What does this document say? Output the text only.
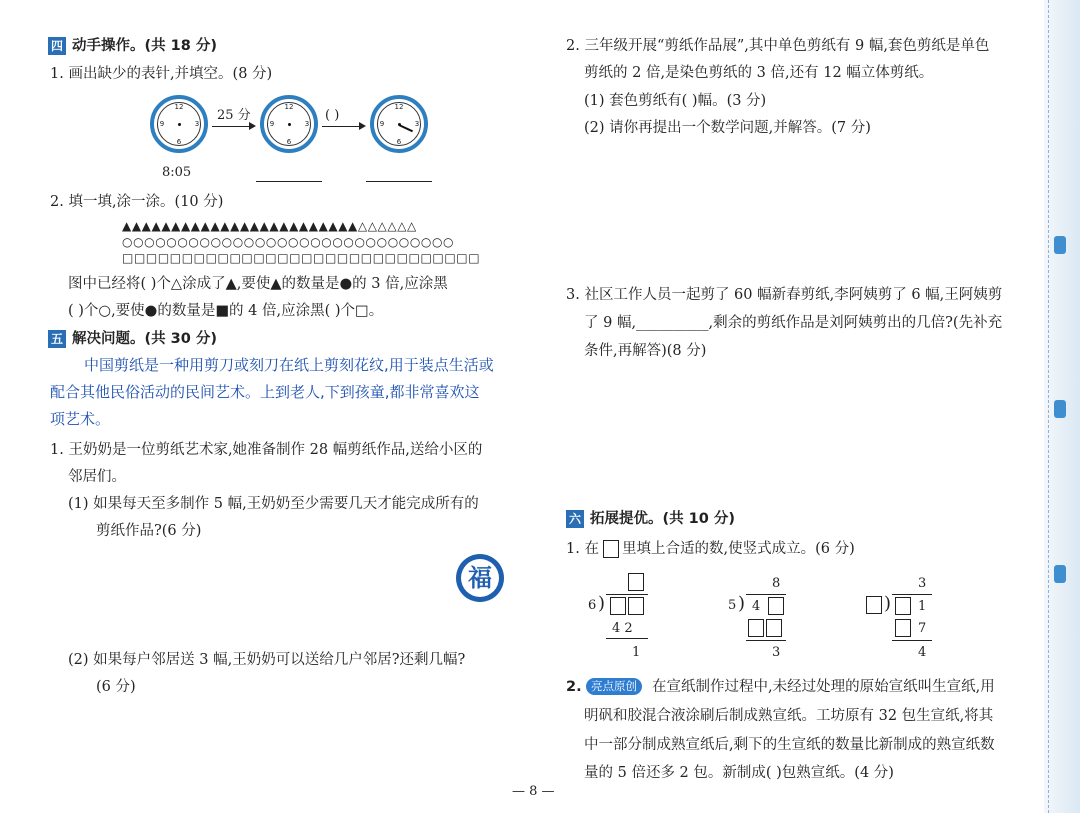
四 动手操作。(共 18 分)
1. 画出缺少的表针,并填空。(8 分)
12
3
6
9
8:05
25 分
12
3
6
9
( )
12
3
6
9
2. 填一填,涂一涂。(10 分)
▲▲▲▲▲▲▲▲▲▲▲▲▲▲▲▲▲▲▲▲▲▲▲▲△△△△△△
○○○○○○○○○○○○○○○○○○○○○○○○○○○○○○
□□□□□□□□□□□□□□□□□□□□□□□□□□□□□□
图中已经将( )个△涂成了▲,要使▲的数量是●的 3 倍,应涂黑
( )个○,要使●的数量是■的 4 倍,应涂黑( )个□。
五 解决问题。(共 30 分)
中国剪纸是一种用剪刀或刻刀在纸上剪刻花纹,用于装点生活或
配合其他民俗活动的民间艺术。上到老人,下到孩童,都非常喜欢这
项艺术。
1. 王奶奶是一位剪纸艺术家,她准备制作 28 幅剪纸作品,送给小区的
邻居们。
(1) 如果每天至多制作 5 幅,王奶奶至少需要几天才能完成所有的
剪纸作品?(6 分)
福
(2) 如果每户邻居送 3 幅,王奶奶可以送给几户邻居?还剩几幅?
(6 分)
2. 三年级开展“剪纸作品展”,其中单色剪纸有 9 幅,套色剪纸是单色
剪纸的 2 倍,是染色剪纸的 3 倍,还有 12 幅立体剪纸。
(1) 套色剪纸有( )幅。(3 分)
(2) 请你再提出一个数学问题,并解答。(7 分)
3. 社区工作人员一起剪了 60 幅新春剪纸,李阿姨剪了 6 幅,王阿姨剪
了 9 幅,__________,剩余的剪纸作品是刘阿姨剪出的几倍?(先补充
条件,再解答)(8 分)
六 拓展提优。(共 10 分)
1. 在 里填上合适的数,使竖式成立。(6 分)
6 )
4 2
1
8
5 ) 4
3
3
) 1
7
4
2. 亮点原创	在宣纸制作过程中,未经过处理的原始宣纸叫生宣纸,用
明矾和胶混合液涂刷后制成熟宣纸。工坊原有 32 包生宣纸,将其
中一部分制成熟宣纸后,剩下的生宣纸的数量比新制成的熟宣纸数
量的 5 倍还多 2 包。新制成( )包熟宣纸。(4 分)
— 8 —
